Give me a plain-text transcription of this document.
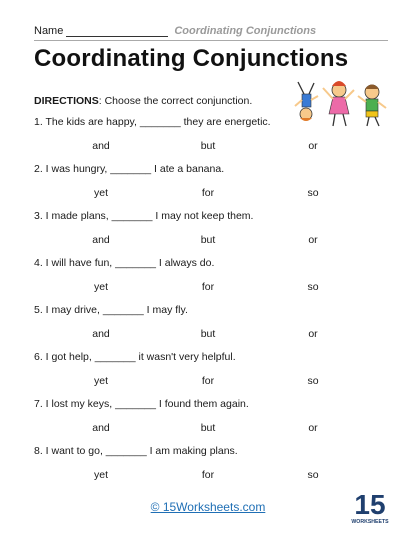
Name	Coordinating Conjunctions
Coordinating Conjunctions
DIRECTIONS: Choose the correct conjunction.
1. The kids are happy, _______ they are energetic.
and	but	or
2. I was hungry, _______ I ate a banana.
yet	for	so
3. I made plans, _______ I may not keep them.
and	but	or
4. I will have fun, _______ I always do.
yet	for	so
5. I may drive, _______ I may fly.
and	but	or
6. I got help, _______ it wasn't very helpful.
yet	for	so
7. I lost my keys, _______ I found them again.
and	but	or
8. I want to go, _______ I am making plans.
yet	for	so
© 15Worksheets.com	15
WORKSHEETS
